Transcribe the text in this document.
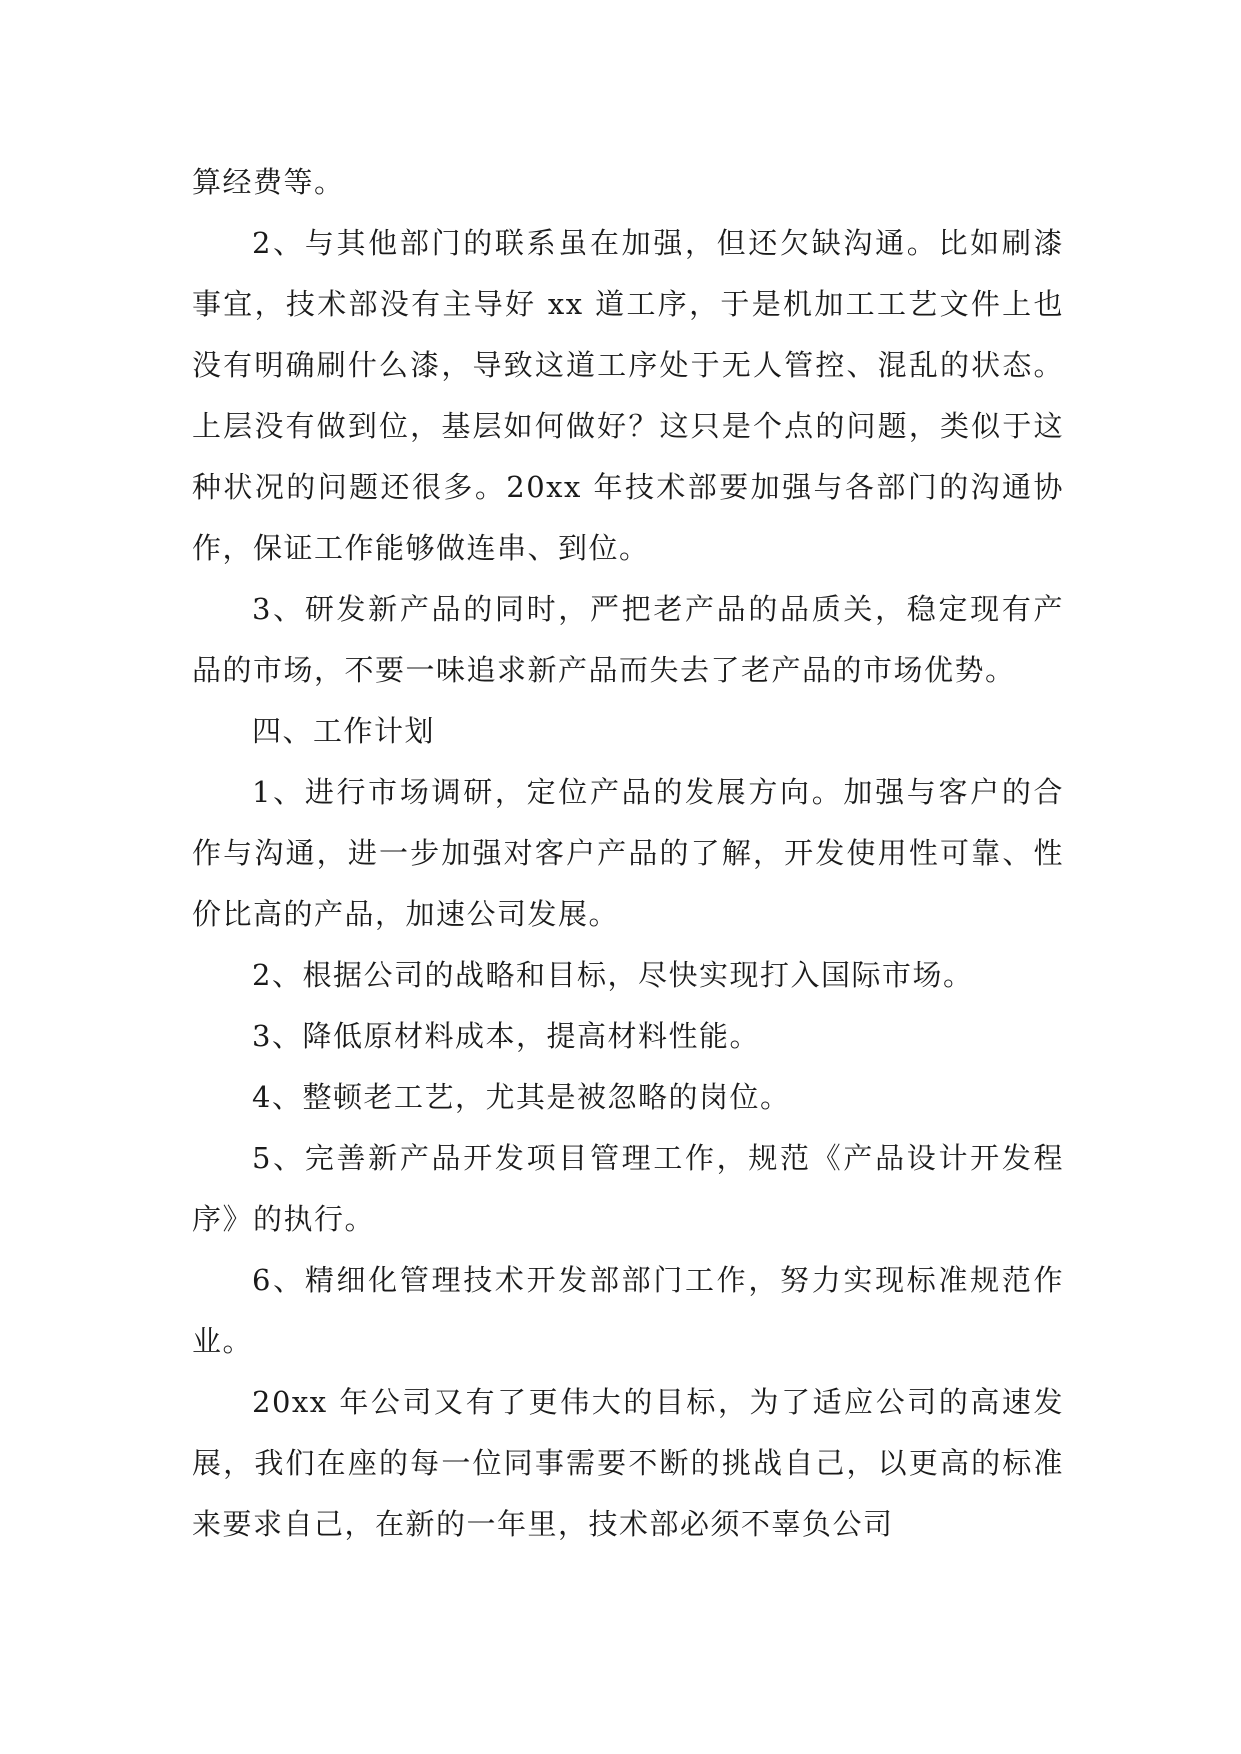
算经费等。

2、与其他部门的联系虽在加强，但还欠缺沟通。比如刷漆事宜，技术部没有主导好 xx 道工序，于是机加工工艺文件上也没有明确刷什么漆，导致这道工序处于无人管控、混乱的状态。上层没有做到位，基层如何做好？这只是个点的问题，类似于这种状况的问题还很多。20xx 年技术部要加强与各部门的沟通协作，保证工作能够做连串、到位。

3、研发新产品的同时，严把老产品的品质关，稳定现有产品的市场，不要一味追求新产品而失去了老产品的市场优势。

四、工作计划

1、进行市场调研，定位产品的发展方向。加强与客户的合作与沟通，进一步加强对客户产品的了解，开发使用性可靠、性价比高的产品，加速公司发展。

2、根据公司的战略和目标，尽快实现打入国际市场。

3、降低原材料成本，提高材料性能。

4、整顿老工艺，尤其是被忽略的岗位。

5、完善新产品开发项目管理工作，规范《产品设计开发程序》的执行。

6、精细化管理技术开发部部门工作，努力实现标准规范作业。

20xx 年公司又有了更伟大的目标，为了适应公司的高速发展，我们在座的每一位同事需要不断的挑战自己，以更高的标准来要求自己，在新的一年里，技术部必须不辜负公司
